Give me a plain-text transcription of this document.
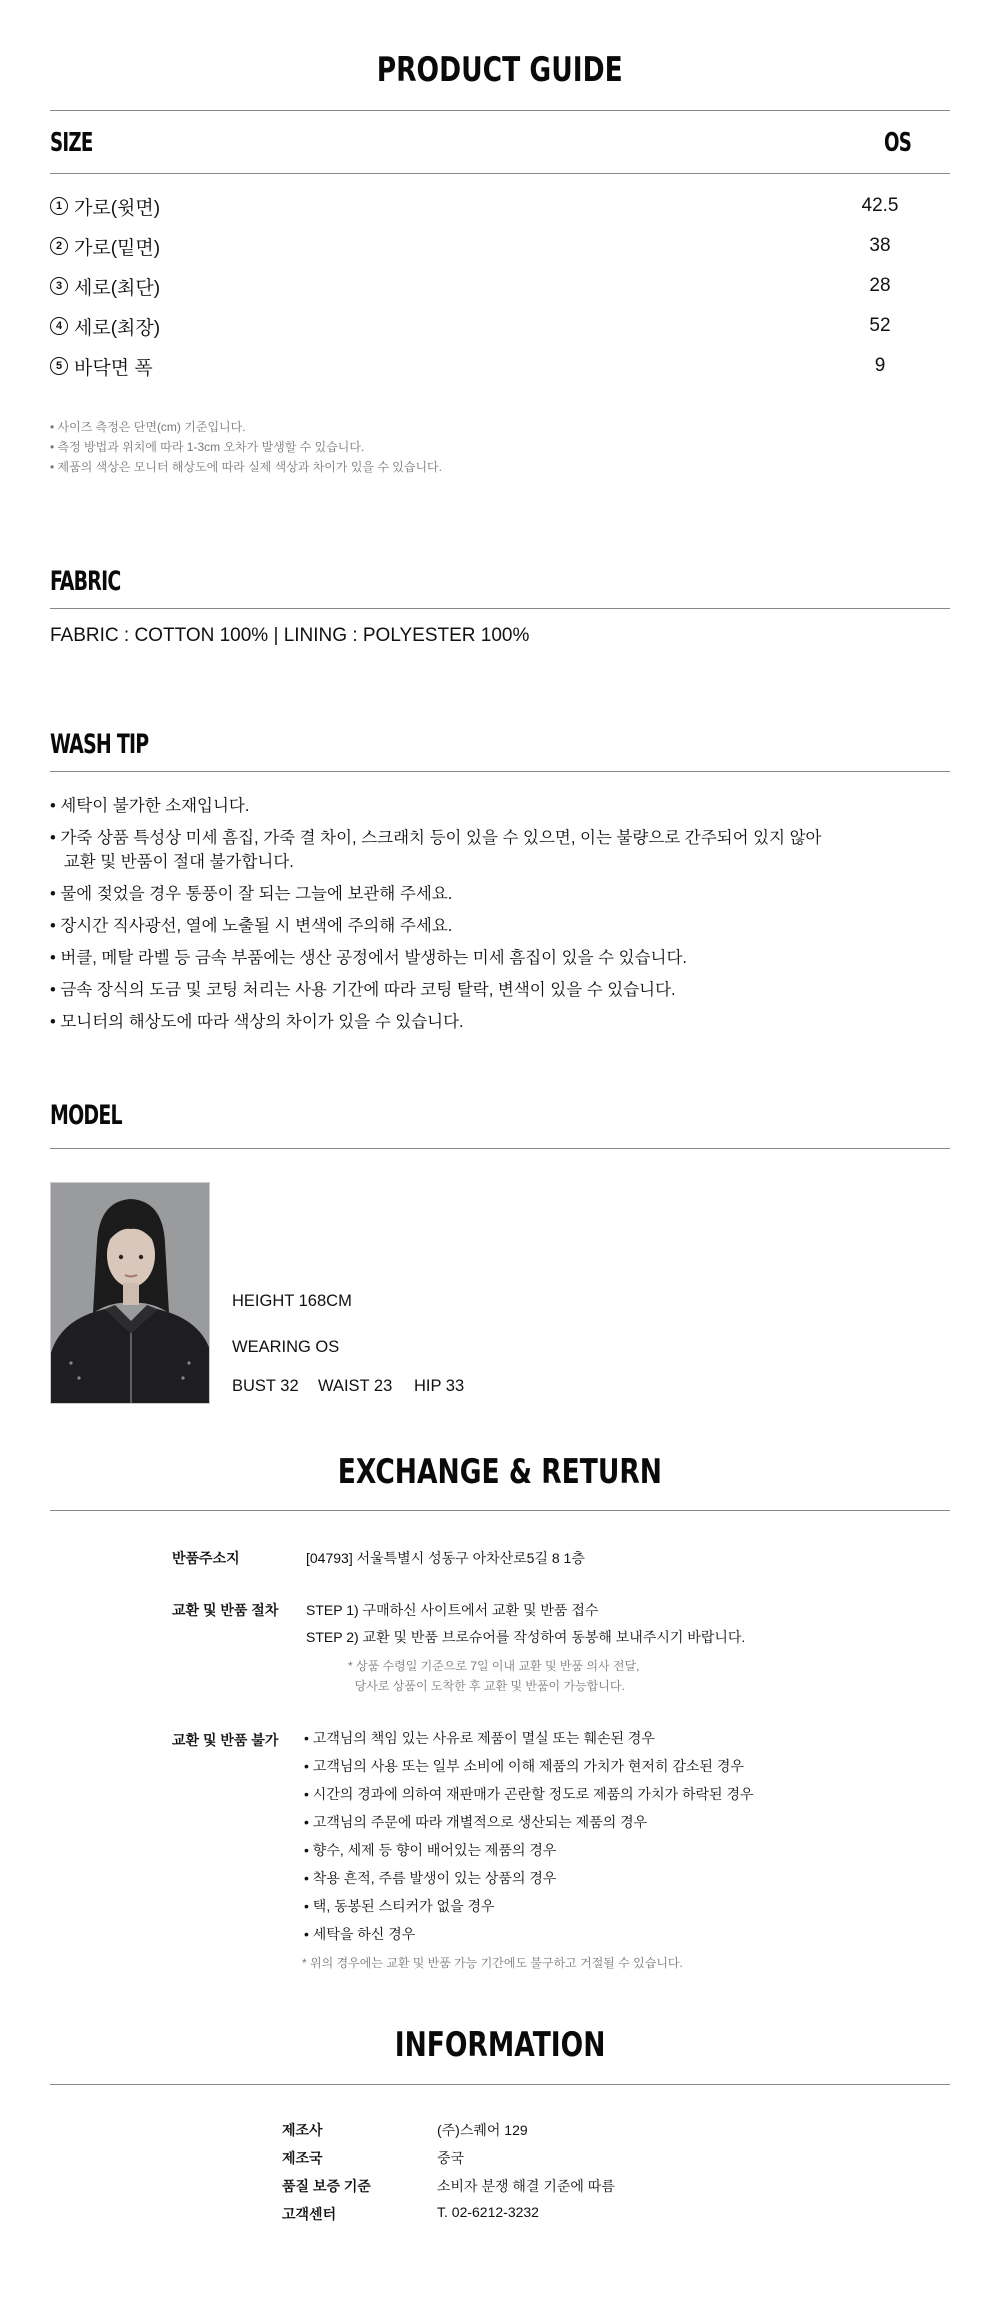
PRODUCT GUIDE
SIZE	OS
1 가로(윗면)	42.5
2 가로(밑면)	38
3 세로(최단)	28
4 세로(최장)	52
5 바닥면 폭	9
• 사이즈 측정은 단면(cm) 기준입니다.
• 측정 방법과 위치에 따라 1-3cm 오차가 발생할 수 있습니다.
• 제품의 색상은 모니터 해상도에 따라 실제 색상과 차이가 있을 수 있습니다.
FABRIC
FABRIC : COTTON 100% | LINING : POLYESTER 100%
WASH TIP
• 세탁이 불가한 소재입니다.
• 가죽 상품 특성상 미세 흠집, 가죽 결 차이, 스크래치 등이 있을 수 있으면, 이는 불량으로 간주되어 있지 않아
교환 및 반품이 절대 불가합니다.
• 물에 젖었을 경우 통풍이 잘 되는 그늘에 보관해 주세요.
• 장시간 직사광선, 열에 노출될 시 변색에 주의해 주세요.
• 버클, 메탈 라벨 등 금속 부품에는 생산 공정에서 발생하는 미세 흠집이 있을 수 있습니다.
• 금속 장식의 도금 및 코팅 처리는 사용 기간에 따라 코팅 탈락, 변색이 있을 수 있습니다.
• 모니터의 해상도에 따라 색상의 차이가 있을 수 있습니다.
MODEL
HEIGHT 168CM
WEARING OS
BUST 32 WAIST 23 HIP 33
EXCHANGE & RETURN
반품주소지	[04793] 서울특별시 성동구 아차산로5길 8 1층
교환 및 반품 절차 STEP 1) 구매하신 사이트에서 교환 및 반품 접수
STEP 2) 교환 및 반품 브로슈어를 작성하여 동봉해 보내주시기 바랍니다.
* 상품 수령일 기준으로 7일 이내 교환 및 반품 의사 전달,
당사로 상품이 도착한 후 교환 및 반품이 가능합니다.
교환 및 반품 불가 • 고객님의 책임 있는 사유로 제품이 멸실 또는 훼손된 경우
• 고객님의 사용 또는 일부 소비에 이해 제품의 가치가 현저히 감소된 경우
• 시간의 경과에 의하여 재판매가 곤란할 정도로 제품의 가치가 하락된 경우
• 고객님의 주문에 따라 개별적으로 생산되는 제품의 경우
• 향수, 세제 등 향이 배어있는 제품의 경우
• 착용 흔적, 주름 발생이 있는 상품의 경우
• 택, 동봉된 스티커가 없을 경우
• 세탁을 하신 경우
* 위의 경우에는 교환 및 반품 가능 기간에도 불구하고 거절될 수 있습니다.
INFORMATION
제조사	(주)스퀘어 129
제조국	중국
품질 보증 기준	소비자 분쟁 해결 기준에 따름
고객센터	T. 02-6212-3232
